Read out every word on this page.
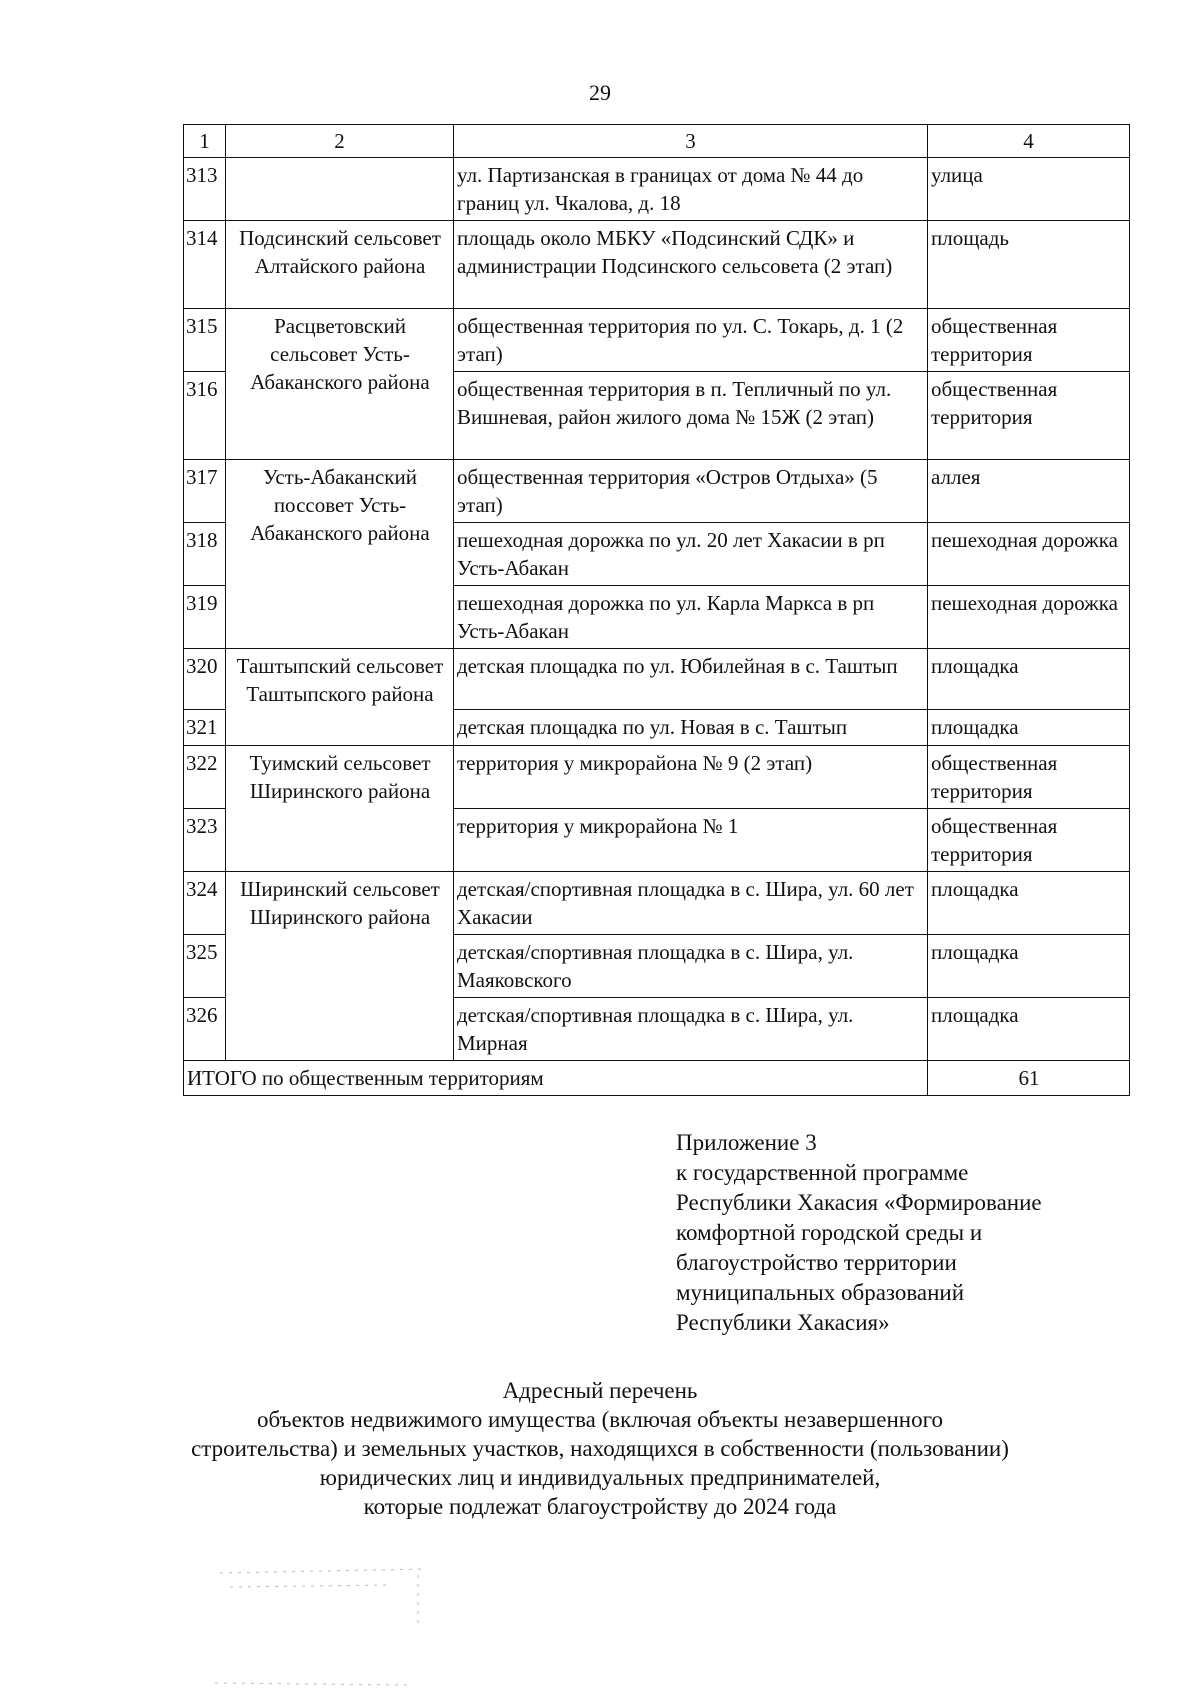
29
1	2	3	4
313		ул. Партизанская в границах от дома № 44 до границ ул. Чкалова, д. 18	улица
314	Подсинский сельсовет Алтайского района	площадь около МБКУ «Подсинский СДК» и администрации Подсинского сельсовета (2 этап)	площадь
315	Расцветовский сельсовет Усть-Абаканского района	общественная территория по ул. С. Токарь, д. 1 (2 этап)	общественная территория
316		общественная территория в п. Тепличный по ул. Вишневая, район жилого дома № 15Ж (2 этап)	общественная территория
317	Усть-Абаканский поссовет Усть-Абаканского района	общественная территория «Остров Отдыха» (5 этап)	аллея
318		пешеходная дорожка по ул. 20 лет Хакасии в рп Усть-Абакан	пешеходная дорожка
319		пешеходная дорожка по ул. Карла Маркса в рп Усть-Абакан	пешеходная дорожка
320	Таштыпский сельсовет Таштыпского района	детская площадка по ул. Юбилейная в с. Таштып	площадка
321		детская площадка по ул. Новая в с. Таштып	площадка
322	Туимский сельсовет Ширинского района	территория у микрорайона № 9 (2 этап)	общественная территория
323		территория у микрорайона № 1	общественная территория
324	Ширинский сельсовет Ширинского района	детская/спортивная площадка в с. Шира, ул. 60 лет Хакасии	площадка
325		детская/спортивная площадка в с. Шира, ул. Маяковского	площадка
326		детская/спортивная площадка в с. Шира, ул. Мирная	площадка
ИТОГО по общественным территориям			61
Приложение 3
к государственной программе
Республики Хакасия «Формирование
комфортной городской среды и
благоустройство территории
муниципальных образований
Республики Хакасия»
Адресный перечень
объектов недвижимого имущества (включая объекты незавершенного
строительства) и земельных участков, находящихся в собственности (пользовании)
юридических лиц и индивидуальных предпринимателей,
которые подлежат благоустройству до 2024 года
